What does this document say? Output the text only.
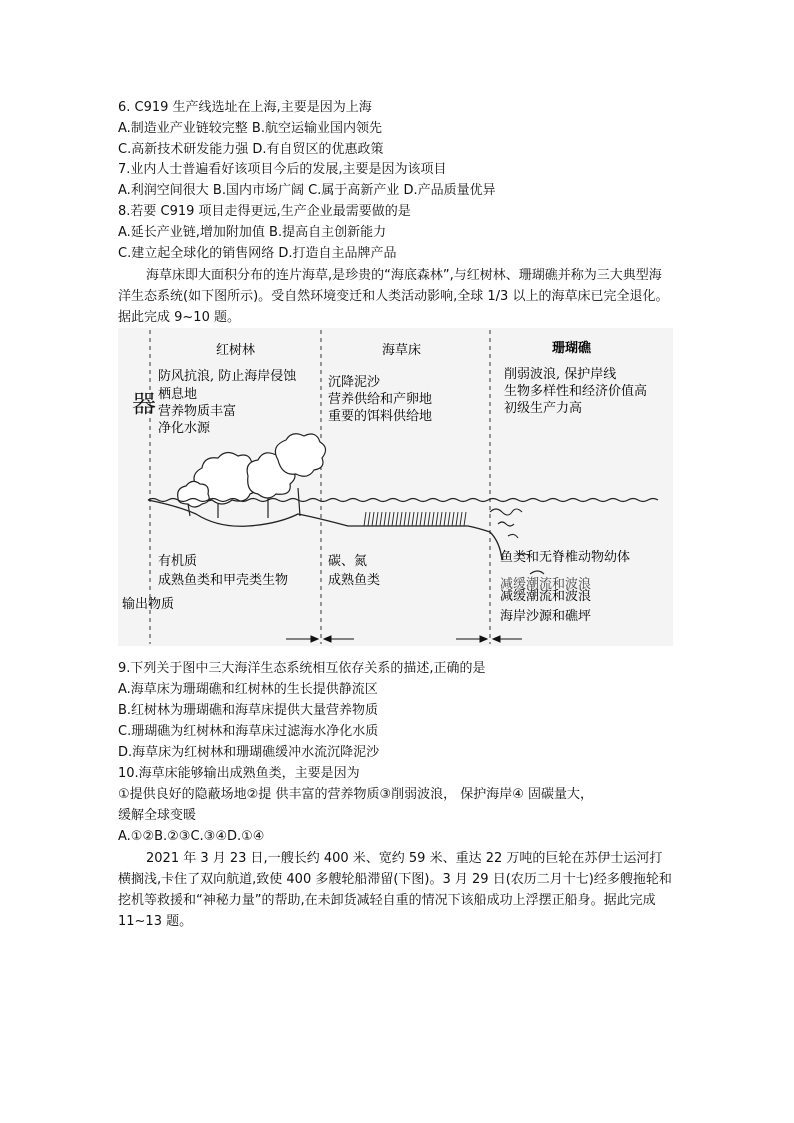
6. C919 生产线选址在上海,主要是因为上海
A.制造业产业链较完整 B.航空运输业国内领先
C.高新技术研发能力强 D.有自贸区的优惠政策
7.业内人士普遍看好该项目今后的发展,主要是因为该项目
A.利润空间很大 B.国内市场广阔 C.属于高新产业 D.产品质量优异
8.若要 C919 项目走得更远,生产企业最需要做的是
A.延长产业链,增加附加值 B.提高自主创新能力
C.建立起全球化的销售网络 D.打造自主品牌产品
海草床即大面积分布的连片海草,是珍贵的“海底森林”,与红树林、珊瑚礁并称为三大典型海洋生态系统(如下图所示)。受自然环境变迁和人类活动影响,全球 1/3 以上的海草床已完全退化。据此完成 9~10 题。
器
红树林
防风抗浪, 防止海岸侵蚀
栖息地
营养物质丰富
净化水源
有机质
成熟鱼类和甲壳类生物
输出物质
海草床
沉降泥沙
营养供给和产卵地
重要的饵料供给地
碳、氮
成熟鱼类
珊瑚礁
削弱波浪, 保护岸线
生物多样性和经济价值高
初级生产力高
鱼类和无脊椎动物幼体
减缓潮流和波浪
减缓潮流和波浪
海岸沙源和礁坪
9.下列关于图中三大海洋生态系统相互依存关系的描述,正确的是
A.海草床为珊瑚礁和红树林的生长提供静流区
B.红树林为珊瑚礁和海草床提供大量营养物质
C.珊瑚礁为红树林和海草床过滤海水净化水质
D.海草床为红树林和珊瑚礁缓冲水流沉降泥沙
10.海草床能够输出成熟鱼类，主要是因为
①提供良好的隐蔽场地②提 供丰富的营养物质③削弱波浪， 保护海岸④ 固碳量大，
缓解全球变暖
A.①②B.②③C.③④D.①④
2021 年 3 月 23 日,一艘长约 400 米、宽约 59 米、重达 22 万吨的巨轮在苏伊士运河打横搁浅,卡住了双向航道,致使 400 多艘轮船滞留(下图)。3 月 29 日(农历二月十七)经多艘拖轮和挖机等救援和“神秘力量”的帮助,在未卸货减轻自重的情况下该船成功上浮摆正船身。据此完成 11~13 题。
